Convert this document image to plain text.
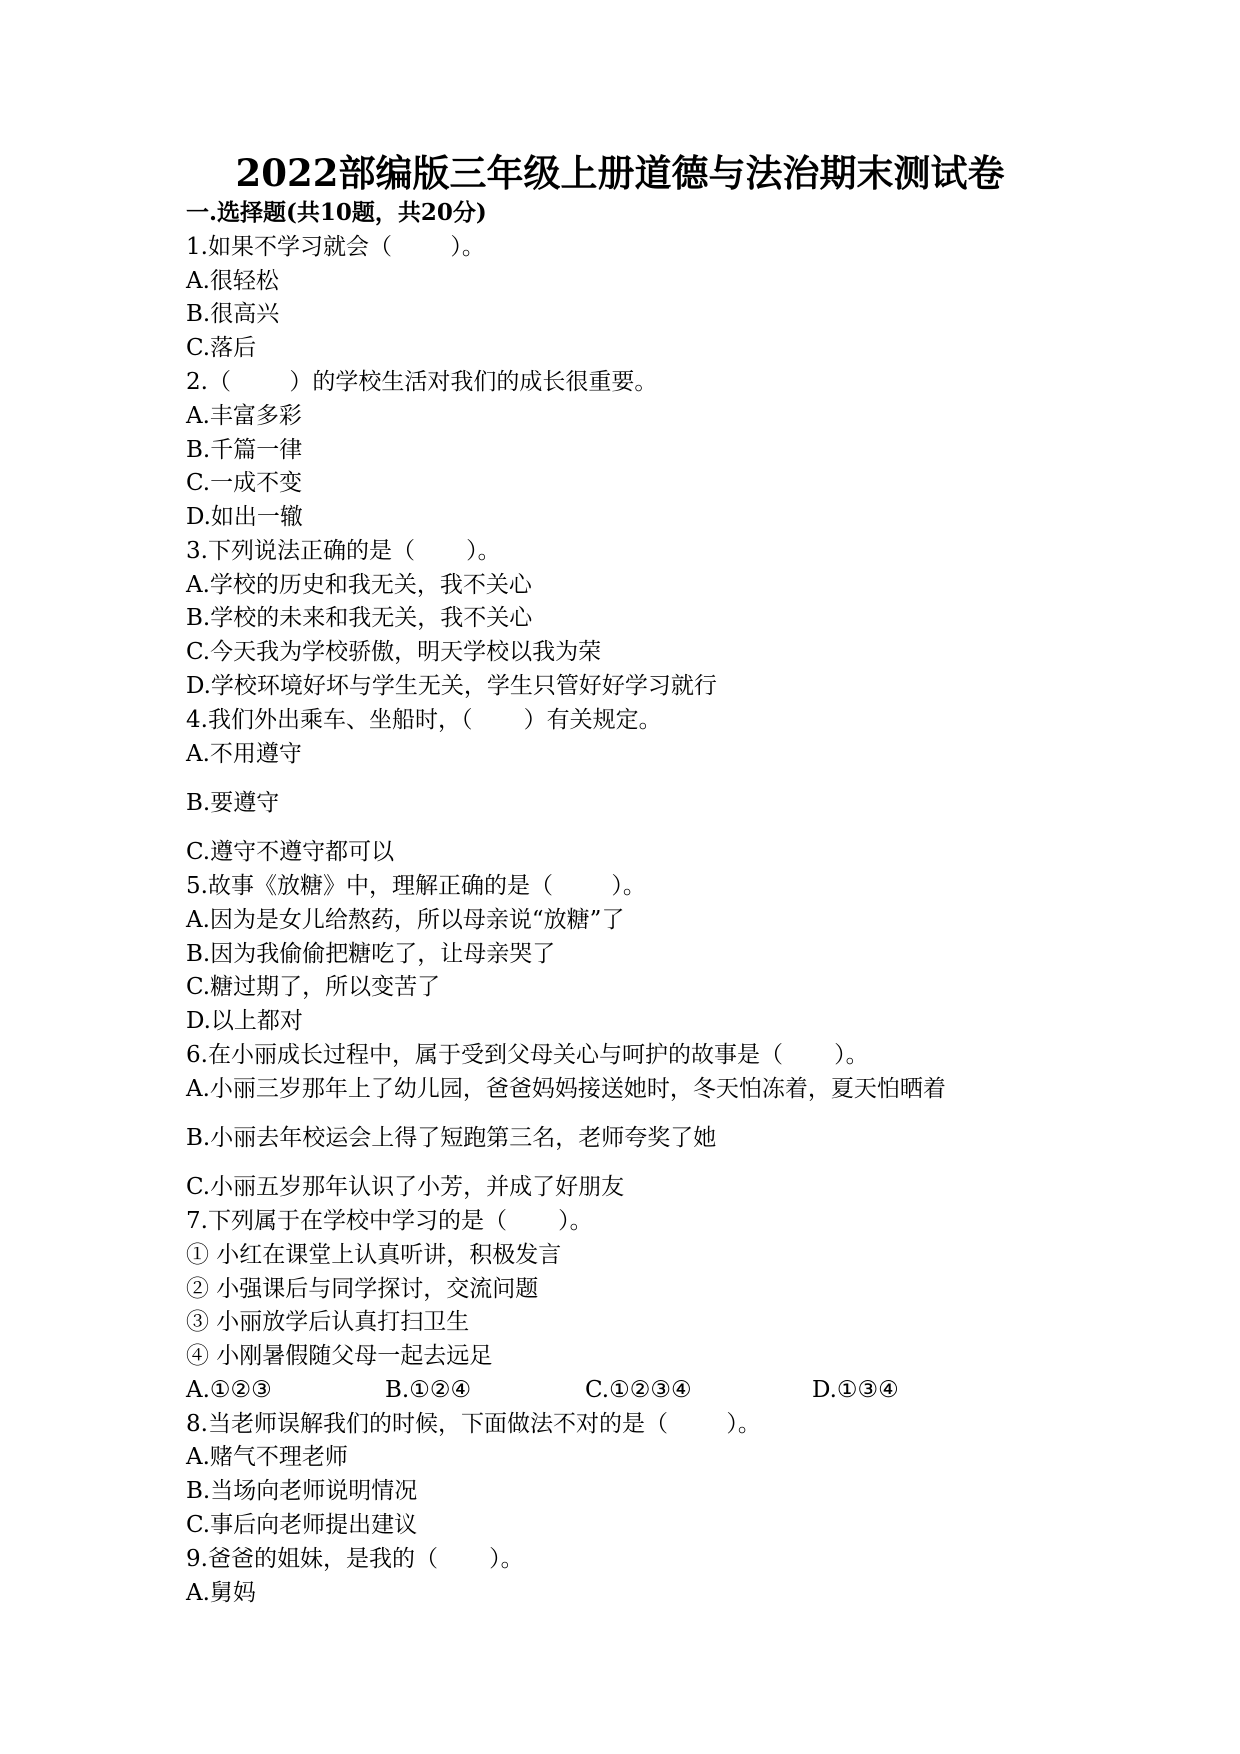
2022部编版三年级上册道德与法治期末测试卷
一.选择题(共10题，共20分)
1.如果不学习就会（        ）。
A.很轻松
B.很高兴
C.落后
2.（        ）的学校生活对我们的成长很重要。
A.丰富多彩
B.千篇一律
C.一成不变
D.如出一辙
3.下列说法正确的是（       ）。
A.学校的历史和我无关，我不关心
B.学校的未来和我无关，我不关心
C.今天我为学校骄傲，明天学校以我为荣
D.学校环境好坏与学生无关，学生只管好好学习就行
4.我们外出乘车、坐船时，（       ）有关规定。
A.不用遵守
B.要遵守
C.遵守不遵守都可以
5.故事《放糖》中，理解正确的是（        ）。
A.因为是女儿给熬药，所以母亲说“放糖”了
B.因为我偷偷把糖吃了，让母亲哭了
C.糖过期了，所以变苦了
D.以上都对
6.在小丽成长过程中，属于受到父母关心与呵护的故事是（       ）。
A.小丽三岁那年上了幼儿园，爸爸妈妈接送她时，冬天怕冻着，夏天怕晒着
B.小丽去年校运会上得了短跑第三名，老师夸奖了她
C.小丽五岁那年认识了小芳，并成了好朋友
7.下列属于在学校中学习的是（       ）。
① 小红在课堂上认真听讲，积极发言
② 小强课后与同学探讨，交流问题
③ 小丽放学后认真打扫卫生
④ 小刚暑假随父母一起去远足

A.①②③

	B.①②④

	C.①②③④

	D.①③④

8.当老师误解我们的时候，下面做法不对的是（        ）。
A.赌气不理老师
B.当场向老师说明情况
C.事后向老师提出建议
9.爸爸的姐妹，是我的（       ）。
A.舅妈
